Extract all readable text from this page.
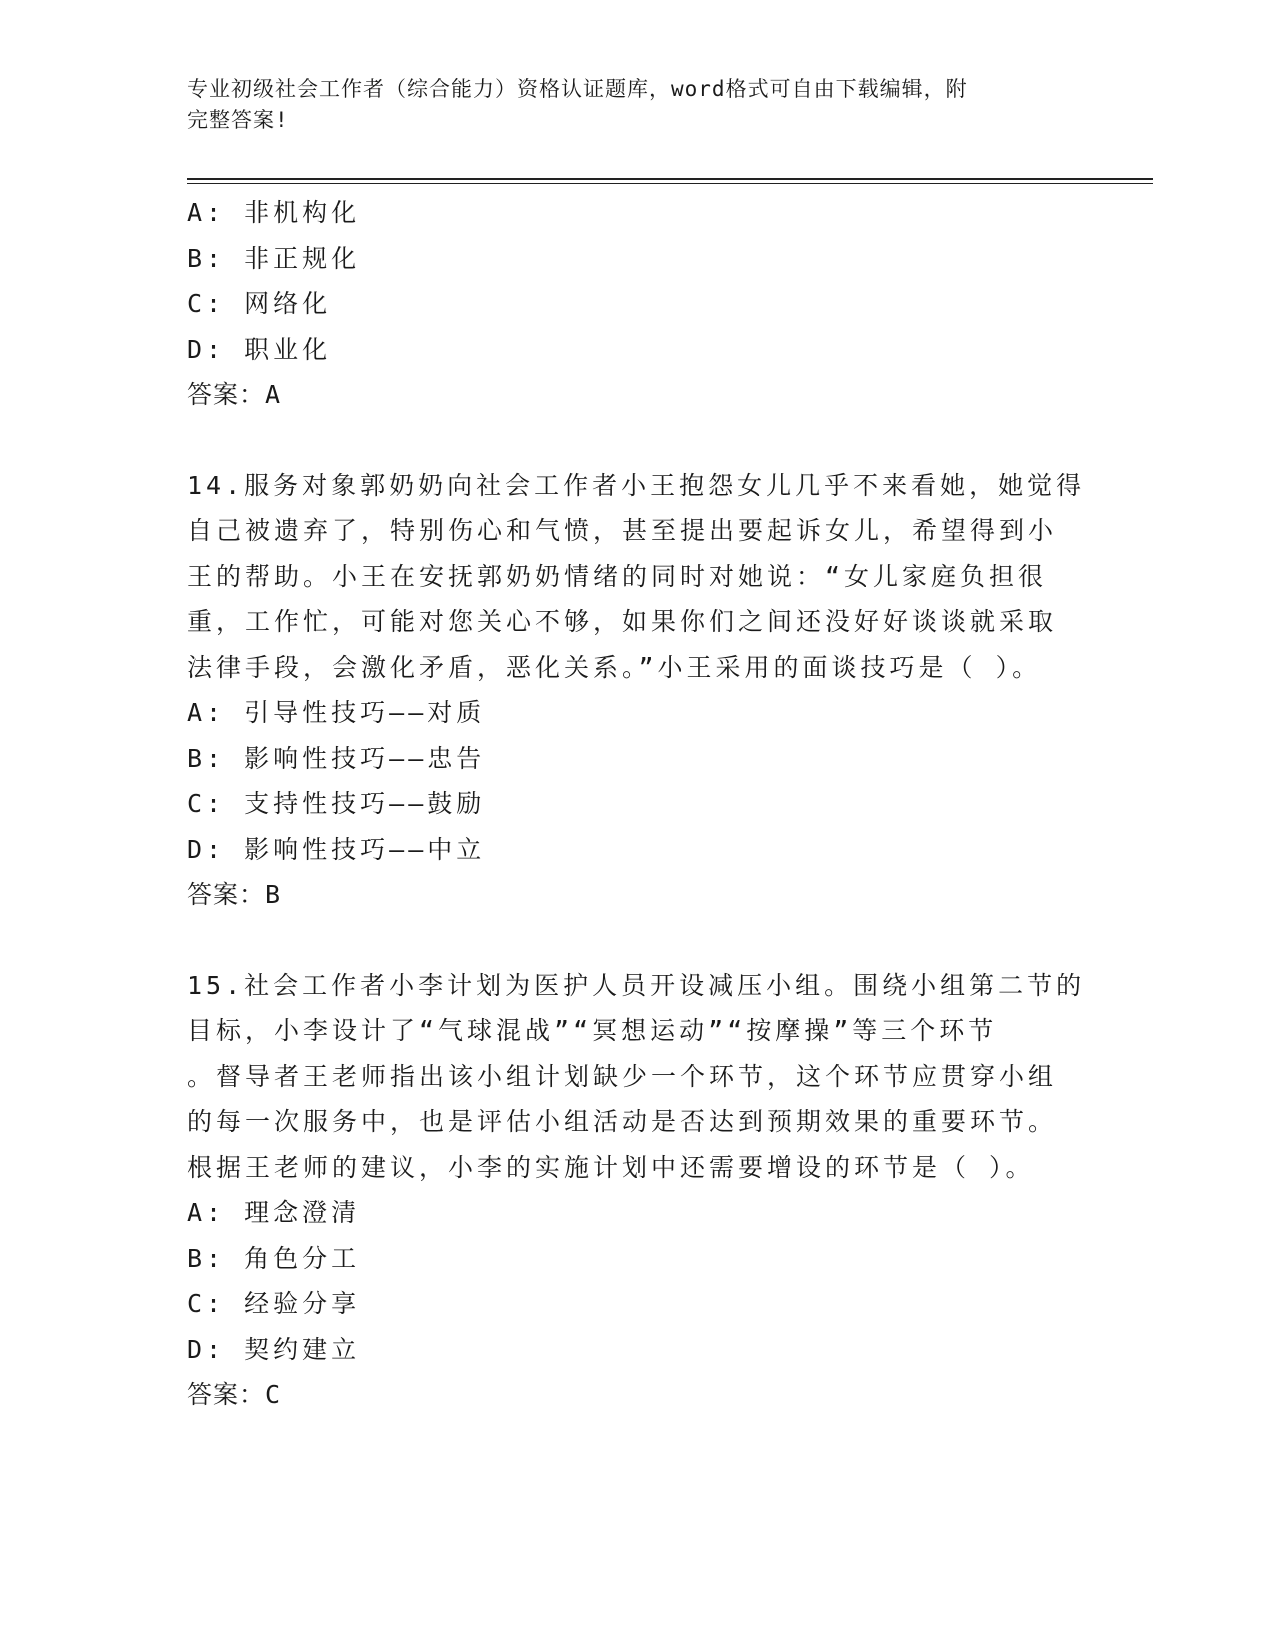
专业初级社会工作者（综合能力）资格认证题库，word格式可自由下载编辑，附
完整答案!

A: 非机构化

B: 非正规化

C: 网络化

D: 职业化

答案：A

14.服务对象郭奶奶向社会工作者小王抱怨女儿几乎不来看她，她觉得

自己被遗弃了，特别伤心和气愤，甚至提出要起诉女儿，希望得到小

王的帮助。小王在安抚郭奶奶情绪的同时对她说：“女儿家庭负担很

重，工作忙，可能对您关心不够，如果你们之间还没好好谈谈就采取

法律手段，会激化矛盾，恶化关系。”小王采用的面谈技巧是（ ）。

A: 引导性技巧——对质

B: 影响性技巧——忠告

C: 支持性技巧——鼓励

D: 影响性技巧——中立

答案：B

15.社会工作者小李计划为医护人员开设减压小组。围绕小组第二节的

目标，小李设计了“气球混战”“冥想运动”“按摩操”等三个环节

。督导者王老师指出该小组计划缺少一个环节，这个环节应贯穿小组

的每一次服务中，也是评估小组活动是否达到预期效果的重要环节。

根据王老师的建议，小李的实施计划中还需要增设的环节是（ ）。

A: 理念澄清

B: 角色分工

C: 经验分享

D: 契约建立

答案：C
